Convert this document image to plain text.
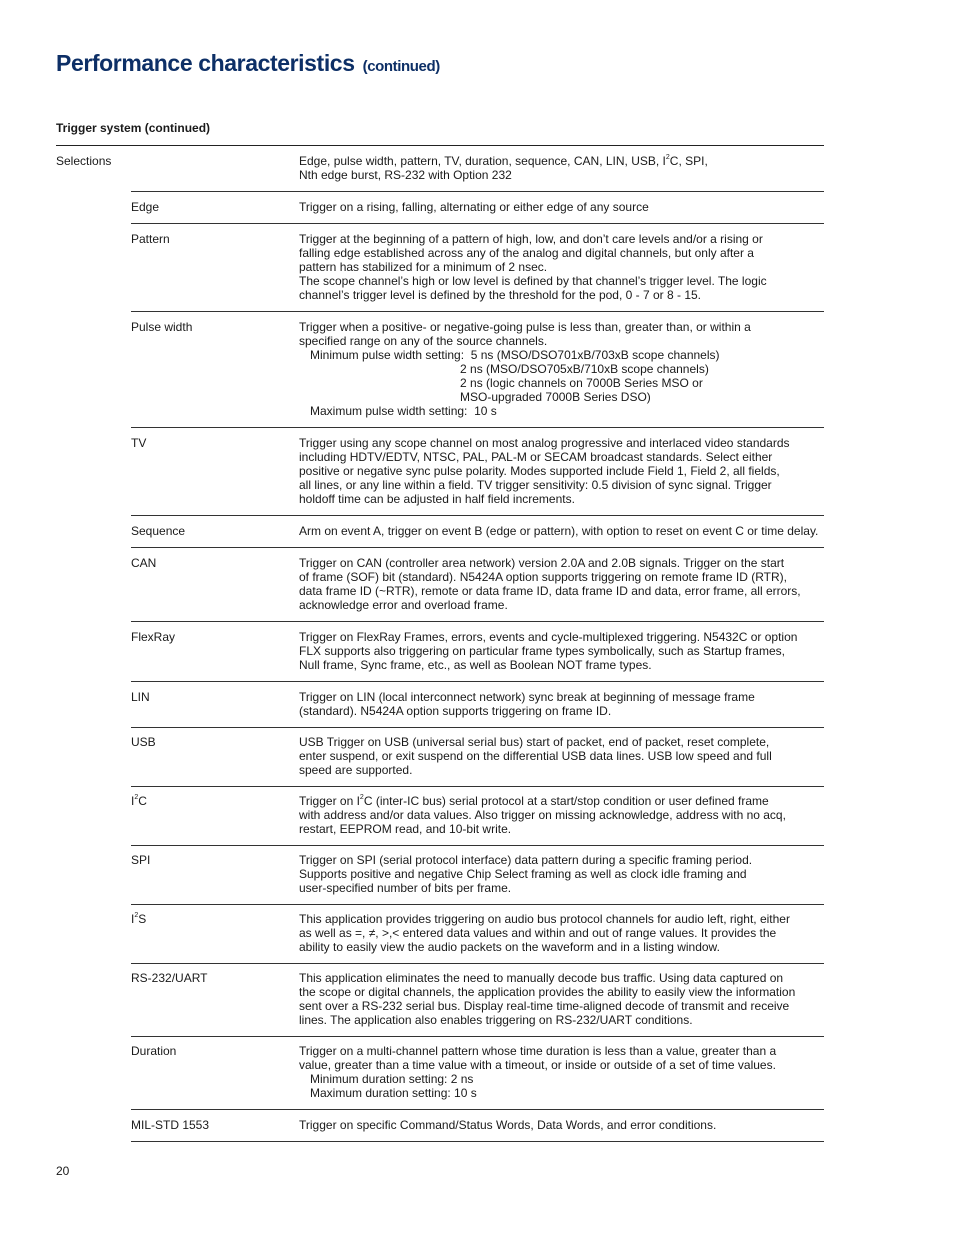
Performance characteristics (continued)
Trigger system (continued)
Selections	Edge, pulse width, pattern, TV, duration, sequence, CAN, LIN, USB, $I^2C$, SPI,
Nth edge burst, RS-232 with Option 232
Edge	Trigger on a rising, falling, alternating or either edge of any source
Pattern	Trigger at the beginning of a pattern of high, low, and don’t care levels and/or a rising or
falling edge established across any of the analog and digital channels, but only after a
pattern has stabilized for a minimum of 2 nsec.
The scope channel’s high or low level is defined by that channel’s trigger level. The logic
channel’s trigger level is defined by the threshold for the pod, 0 - 7 or 8 - 15.
Pulse width	Trigger when a positive- or negative-going pulse is less than, greater than, or within a
specified range on any of the source channels.
Minimum pulse width setting:  5 ns (MSO/DSO701xB/703xB scope channels)
2 ns (MSO/DSO705xB/710xB scope channels)
2 ns (logic channels on 7000B Series MSO or
MSO-upgraded 7000B Series DSO)
Maximum pulse width setting:  10 s
TV	Trigger using any scope channel on most analog progressive and interlaced video standards
including HDTV/EDTV, NTSC, PAL, PAL-M or SECAM broadcast standards. Select either
positive or negative sync pulse polarity. Modes supported include Field 1, Field 2, all fields,
all lines, or any line within a field. TV trigger sensitivity: 0.5 division of sync signal. Trigger
holdoff time can be adjusted in half field increments.
Sequence	Arm on event A, trigger on event B (edge or pattern), with option to reset on event C or time delay.
CAN	Trigger on CAN (controller area network) version 2.0A and 2.0B signals. Trigger on the start
of frame (SOF) bit (standard). N5424A option supports triggering on remote frame ID (RTR),
data frame ID (~RTR), remote or data frame ID, data frame ID and data, error frame, all errors,
acknowledge error and overload frame.
FlexRay	Trigger on FlexRay Frames, errors, events and cycle-multiplexed triggering. N5432C or option
FLX supports also triggering on particular frame types symbolically, such as Startup frames,
Null frame, Sync frame, etc., as well as Boolean NOT frame types.
LIN	Trigger on LIN (local interconnect network) sync break at beginning of message frame
(standard). N5424A option supports triggering on frame ID.
USB	USB Trigger on USB (universal serial bus) start of packet, end of packet, reset complete,
enter suspend, or exit suspend on the differential USB data lines. USB low speed and full
speed are supported.
$I^2C$	Trigger on $I^2C$ (inter-IC bus) serial protocol at a start/stop condition or user defined frame
with address and/or data values. Also trigger on missing acknowledge, address with no acq,
restart, EEPROM read, and 10-bit write.
SPI	Trigger on SPI (serial protocol interface) data pattern during a specific framing period.
Supports positive and negative Chip Select framing as well as clock idle framing and
user-specified number of bits per frame.
$I^2S$	This application provides triggering on audio bus protocol channels for audio left, right, either
as well as =, ≠, >,< entered data values and within and out of range values. It provides the
ability to easily view the audio packets on the waveform and in a listing window.
RS-232/UART	This application eliminates the need to manually decode bus traffic. Using data captured on
the scope or digital channels, the application provides the ability to easily view the information
sent over a RS-232 serial bus. Display real-time time-aligned decode of transmit and receive
lines. The application also enables triggering on RS-232/UART conditions.
Duration	Trigger on a multi-channel pattern whose time duration is less than a value, greater than a
value, greater than a time value with a timeout, or inside or outside of a set of time values.
Minimum duration setting: 2 ns
Maximum duration setting: 10 s
MIL-STD 1553	Trigger on specific Command/Status Words, Data Words, and error conditions.
20
